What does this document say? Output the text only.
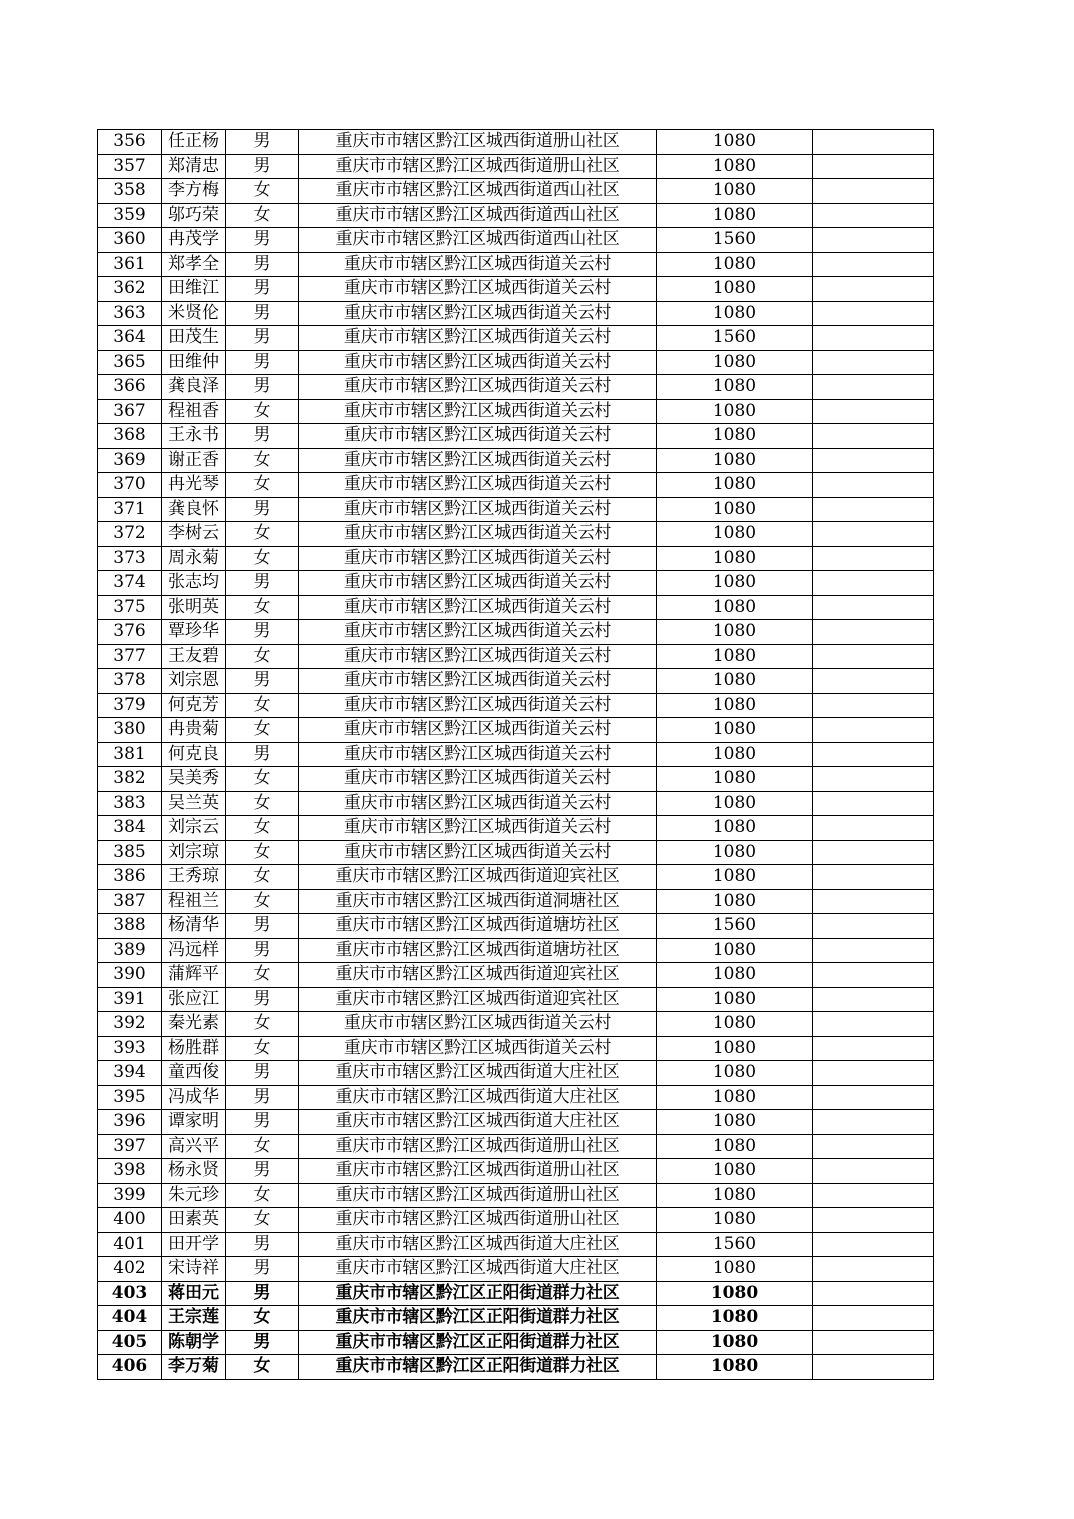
356	任正杨	男	重庆市市辖区黔江区城西街道册山社区	1080	
357	郑清忠	男	重庆市市辖区黔江区城西街道册山社区	1080	
358	李方梅	女	重庆市市辖区黔江区城西街道西山社区	1080	
359	邬巧荣	女	重庆市市辖区黔江区城西街道西山社区	1080	
360	冉茂学	男	重庆市市辖区黔江区城西街道西山社区	1560	
361	郑孝全	男	重庆市市辖区黔江区城西街道关云村	1080	
362	田维江	男	重庆市市辖区黔江区城西街道关云村	1080	
363	米贤伦	男	重庆市市辖区黔江区城西街道关云村	1080	
364	田茂生	男	重庆市市辖区黔江区城西街道关云村	1560	
365	田维仲	男	重庆市市辖区黔江区城西街道关云村	1080	
366	龚良泽	男	重庆市市辖区黔江区城西街道关云村	1080	
367	程祖香	女	重庆市市辖区黔江区城西街道关云村	1080	
368	王永书	男	重庆市市辖区黔江区城西街道关云村	1080	
369	谢正香	女	重庆市市辖区黔江区城西街道关云村	1080	
370	冉光琴	女	重庆市市辖区黔江区城西街道关云村	1080	
371	龚良怀	男	重庆市市辖区黔江区城西街道关云村	1080	
372	李树云	女	重庆市市辖区黔江区城西街道关云村	1080	
373	周永菊	女	重庆市市辖区黔江区城西街道关云村	1080	
374	张志均	男	重庆市市辖区黔江区城西街道关云村	1080	
375	张明英	女	重庆市市辖区黔江区城西街道关云村	1080	
376	覃珍华	男	重庆市市辖区黔江区城西街道关云村	1080	
377	王友碧	女	重庆市市辖区黔江区城西街道关云村	1080	
378	刘宗恩	男	重庆市市辖区黔江区城西街道关云村	1080	
379	何克芳	女	重庆市市辖区黔江区城西街道关云村	1080	
380	冉贵菊	女	重庆市市辖区黔江区城西街道关云村	1080	
381	何克良	男	重庆市市辖区黔江区城西街道关云村	1080	
382	吴美秀	女	重庆市市辖区黔江区城西街道关云村	1080	
383	吴兰英	女	重庆市市辖区黔江区城西街道关云村	1080	
384	刘宗云	女	重庆市市辖区黔江区城西街道关云村	1080	
385	刘宗琼	女	重庆市市辖区黔江区城西街道关云村	1080	
386	王秀琼	女	重庆市市辖区黔江区城西街道迎宾社区	1080	
387	程祖兰	女	重庆市市辖区黔江区城西街道洞塘社区	1080	
388	杨清华	男	重庆市市辖区黔江区城西街道塘坊社区	1560	
389	冯远样	男	重庆市市辖区黔江区城西街道塘坊社区	1080	
390	蒲辉平	女	重庆市市辖区黔江区城西街道迎宾社区	1080	
391	张应江	男	重庆市市辖区黔江区城西街道迎宾社区	1080	
392	秦光素	女	重庆市市辖区黔江区城西街道关云村	1080	
393	杨胜群	女	重庆市市辖区黔江区城西街道关云村	1080	
394	童西俊	男	重庆市市辖区黔江区城西街道大庄社区	1080	
395	冯成华	男	重庆市市辖区黔江区城西街道大庄社区	1080	
396	谭家明	男	重庆市市辖区黔江区城西街道大庄社区	1080	
397	高兴平	女	重庆市市辖区黔江区城西街道册山社区	1080	
398	杨永贤	男	重庆市市辖区黔江区城西街道册山社区	1080	
399	朱元珍	女	重庆市市辖区黔江区城西街道册山社区	1080	
400	田素英	女	重庆市市辖区黔江区城西街道册山社区	1080	
401	田开学	男	重庆市市辖区黔江区城西街道大庄社区	1560	
402	宋诗祥	男	重庆市市辖区黔江区城西街道大庄社区	1080	
403	蒋田元	男	重庆市市辖区黔江区正阳街道群力社区	1080	
404	王宗莲	女	重庆市市辖区黔江区正阳街道群力社区	1080	
405	陈朝学	男	重庆市市辖区黔江区正阳街道群力社区	1080	
406	李万菊	女	重庆市市辖区黔江区正阳街道群力社区	1080	
